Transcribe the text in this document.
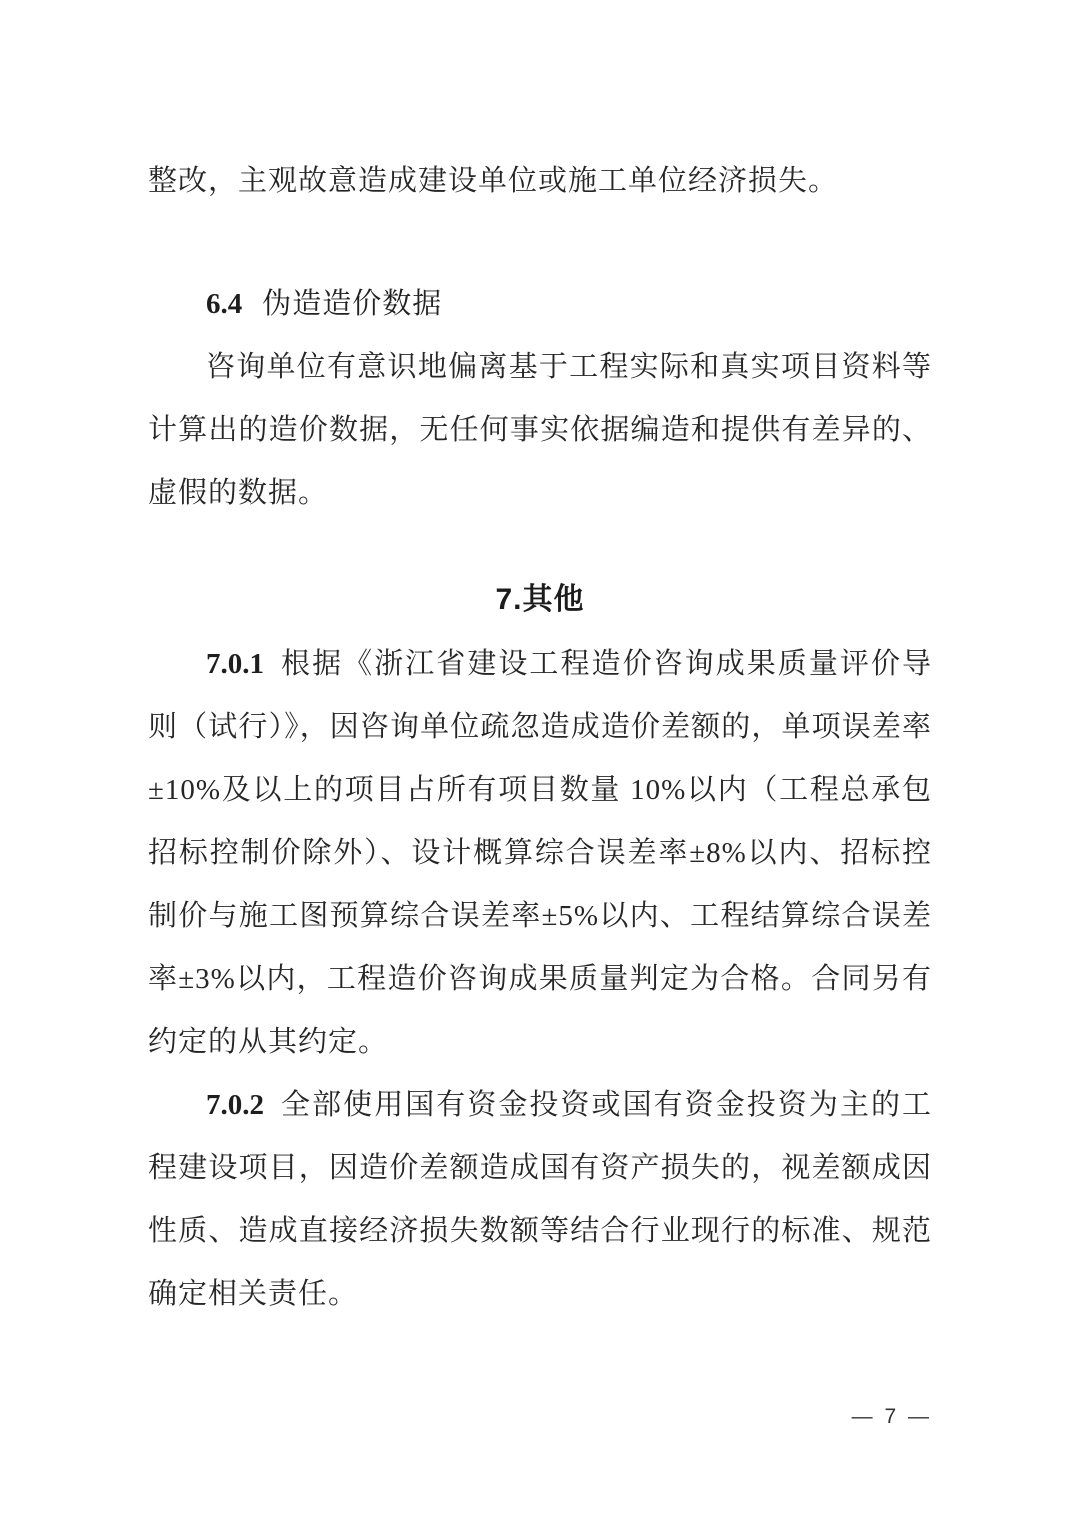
整改，主观故意造成建设单位或施工单位经济损失。

6.4 伪造造价数据

咨询单位有意识地偏离基于工程实际和真实项目资料等计算出的造价数据，无任何事实依据编造和提供有差异的、虚假的数据。

7.其他

7.0.1 根据《浙江省建设工程造价咨询成果质量评价导则（试行）》，因咨询单位疏忽造成造价差额的，单项误差率±10%及以上的项目占所有项目数量 10%以内（工程总承包招标控制价除外）、设计概算综合误差率±8%以内、招标控制价与施工图预算综合误差率±5%以内、工程结算综合误差率±3%以内，工程造价咨询成果质量判定为合格。合同另有约定的从其约定。

7.0.2 全部使用国有资金投资或国有资金投资为主的工程建设项目，因造价差额造成国有资产损失的，视差额成因性质、造成直接经济损失数额等结合行业现行的标准、规范确定相关责任。

— 7 —
